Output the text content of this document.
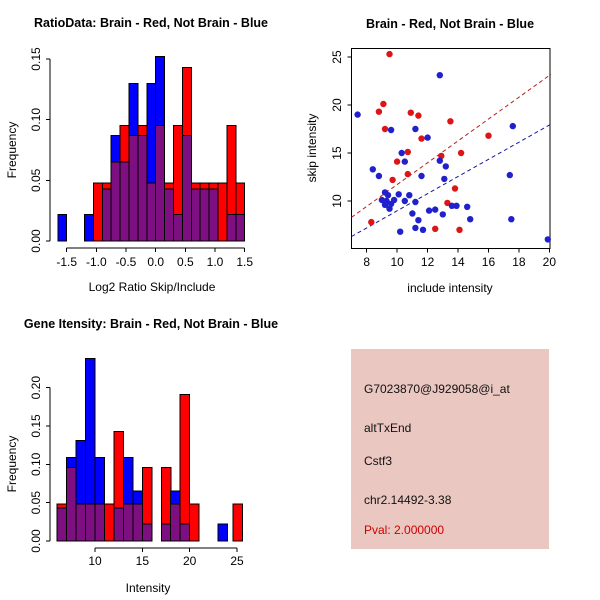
-1.5 -1.0 -0.5 0.0 0.5 1.0 1.5
0.00
0.05
0.10
0.15
RatioData: Brain - Red, Not Brain - Blue
Log2 Ratio Skip/Include
Frequency
8 10 12 14 16 18 20
10
15
20
25
Brain - Red, Not Brain - Blue
include intensity
skip intensity
10	15	20	25
0.00
0.05
0.10
0.15
0.20
Gene Itensity: Brain - Red, Not Brain - Blue
Intensity
Frequency
G7023870@J929058@i_at
altTxEnd
Cstf3
chr2.14492-3.38
Pval: 2.000000
